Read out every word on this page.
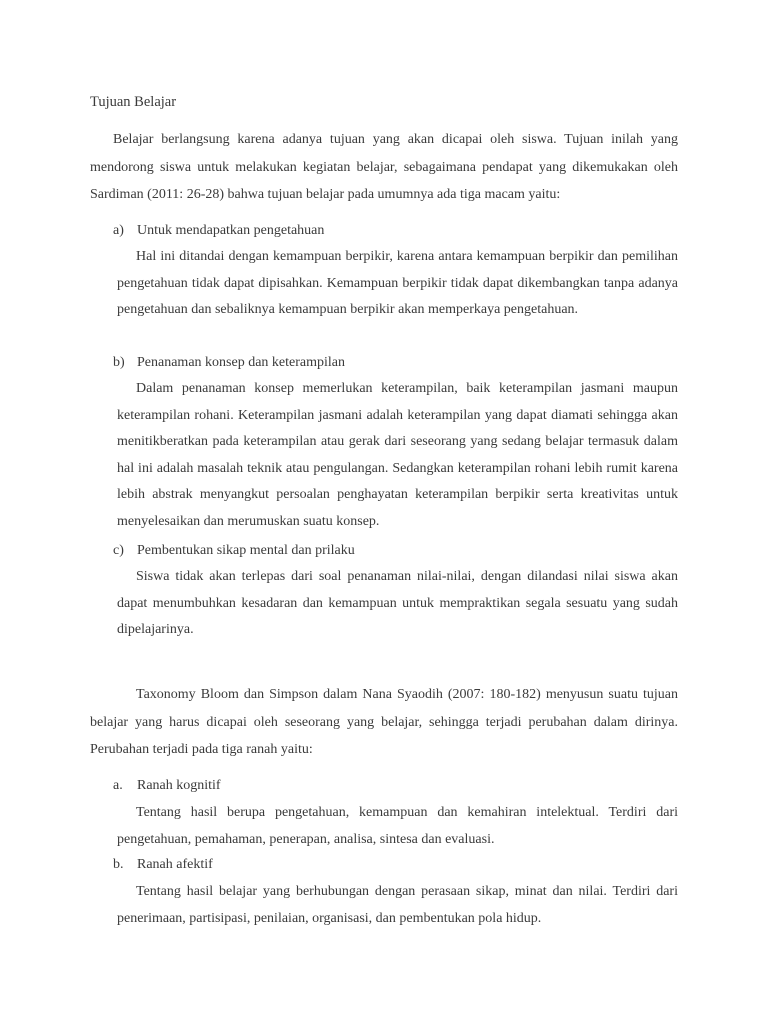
Tujuan Belajar

Belajar berlangsung karena adanya tujuan yang akan dicapai oleh siswa. Tujuan inilah yang mendorong siswa untuk melakukan kegiatan belajar, sebagaimana pendapat yang dikemukakan oleh Sardiman (2011: 26-28) bahwa tujuan belajar pada umumnya ada tiga macam yaitu:

a) Untuk mendapatkan pengetahuan

Hal ini ditandai dengan kemampuan berpikir, karena antara kemampuan berpikir dan pemilihan pengetahuan tidak dapat dipisahkan. Kemampuan berpikir tidak dapat dikembangkan tanpa adanya pengetahuan dan sebaliknya kemampuan berpikir akan memperkaya pengetahuan.

b) Penanaman konsep dan keterampilan

Dalam penanaman konsep memerlukan keterampilan, baik keterampilan jasmani maupun keterampilan rohani. Keterampilan jasmani adalah keterampilan yang dapat diamati sehingga akan menitikberatkan pada keterampilan atau gerak dari seseorang yang sedang belajar termasuk dalam hal ini adalah masalah teknik atau pengulangan. Sedangkan keterampilan rohani lebih rumit karena lebih abstrak menyangkut persoalan penghayatan keterampilan berpikir serta kreativitas untuk menyelesaikan dan merumuskan suatu konsep.

c) Pembentukan sikap mental dan prilaku

Siswa tidak akan terlepas dari soal penanaman nilai-nilai, dengan dilandasi nilai siswa akan dapat menumbuhkan kesadaran dan kemampuan untuk mempraktikan segala sesuatu yang sudah dipelajarinya.

Taxonomy Bloom dan Simpson dalam Nana Syaodih (2007: 180-182) menyusun suatu tujuan belajar yang harus dicapai oleh seseorang yang belajar, sehingga terjadi perubahan dalam dirinya. Perubahan terjadi pada tiga ranah yaitu:

a. Ranah kognitif

Tentang hasil berupa pengetahuan, kemampuan dan kemahiran intelektual. Terdiri dari pengetahuan, pemahaman, penerapan, analisa, sintesa dan evaluasi.

b. Ranah afektif

Tentang hasil belajar yang berhubungan dengan perasaan sikap, minat dan nilai. Terdiri dari penerimaan, partisipasi, penilaian, organisasi, dan pembentukan pola hidup.
